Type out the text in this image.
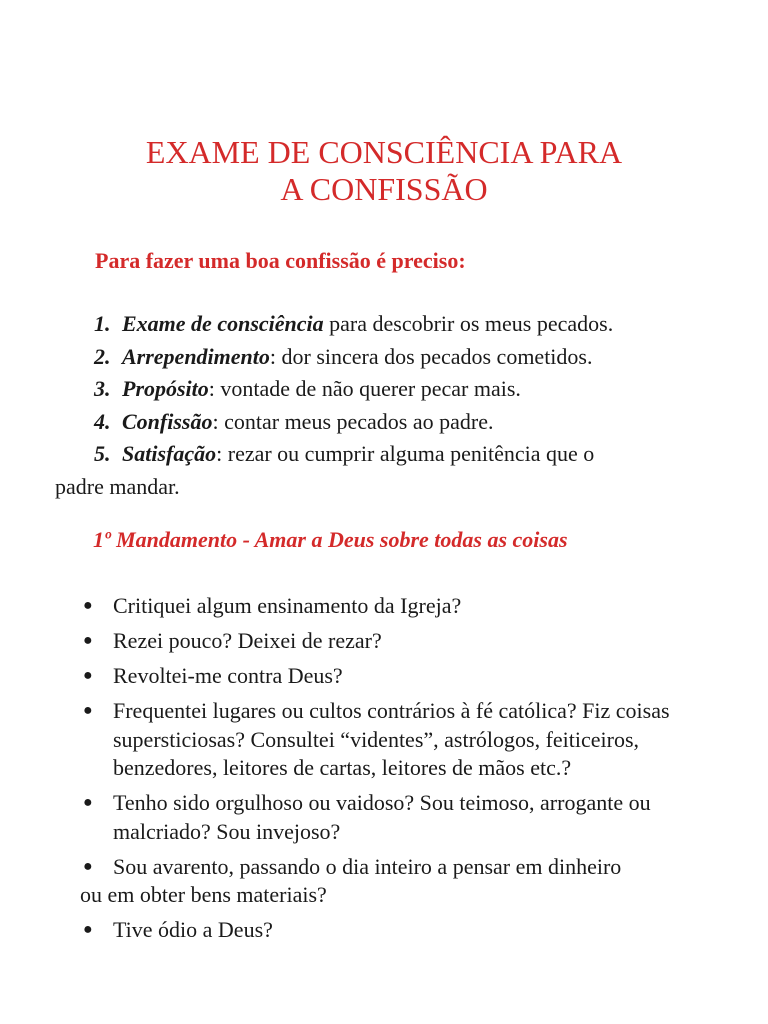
EXAME DE CONSCIÊNCIA PARA
A CONFISSÃO

Para fazer uma boa confissão é preciso:

1. Exame de consciência para descobrir os meus pecados.
2. Arrependimento: dor sincera dos pecados cometidos.
3. Propósito: vontade de não querer pecar mais.
4. Confissão: contar meus pecados ao padre.
5. Satisfação: rezar ou cumprir alguma penitência que o
padre mandar.

1º Mandamento - Amar a Deus sobre todas as coisas

● Critiquei algum ensinamento da Igreja?
● Rezei pouco? Deixei de rezar?
● Revoltei-me contra Deus?
● Frequentei lugares ou cultos contrários à fé católica? Fiz coisas supersticiosas? Consultei “videntes”, astrólogos, feiticeiros, benzedores, leitores de cartas, leitores de mãos etc.?
● Tenho sido orgulhoso ou vaidoso? Sou teimoso, arrogante ou malcriado? Sou invejoso?
● Sou avarento, passando o dia inteiro a pensar em dinheiro
ou em obter bens materiais?
● Tive ódio a Deus?
